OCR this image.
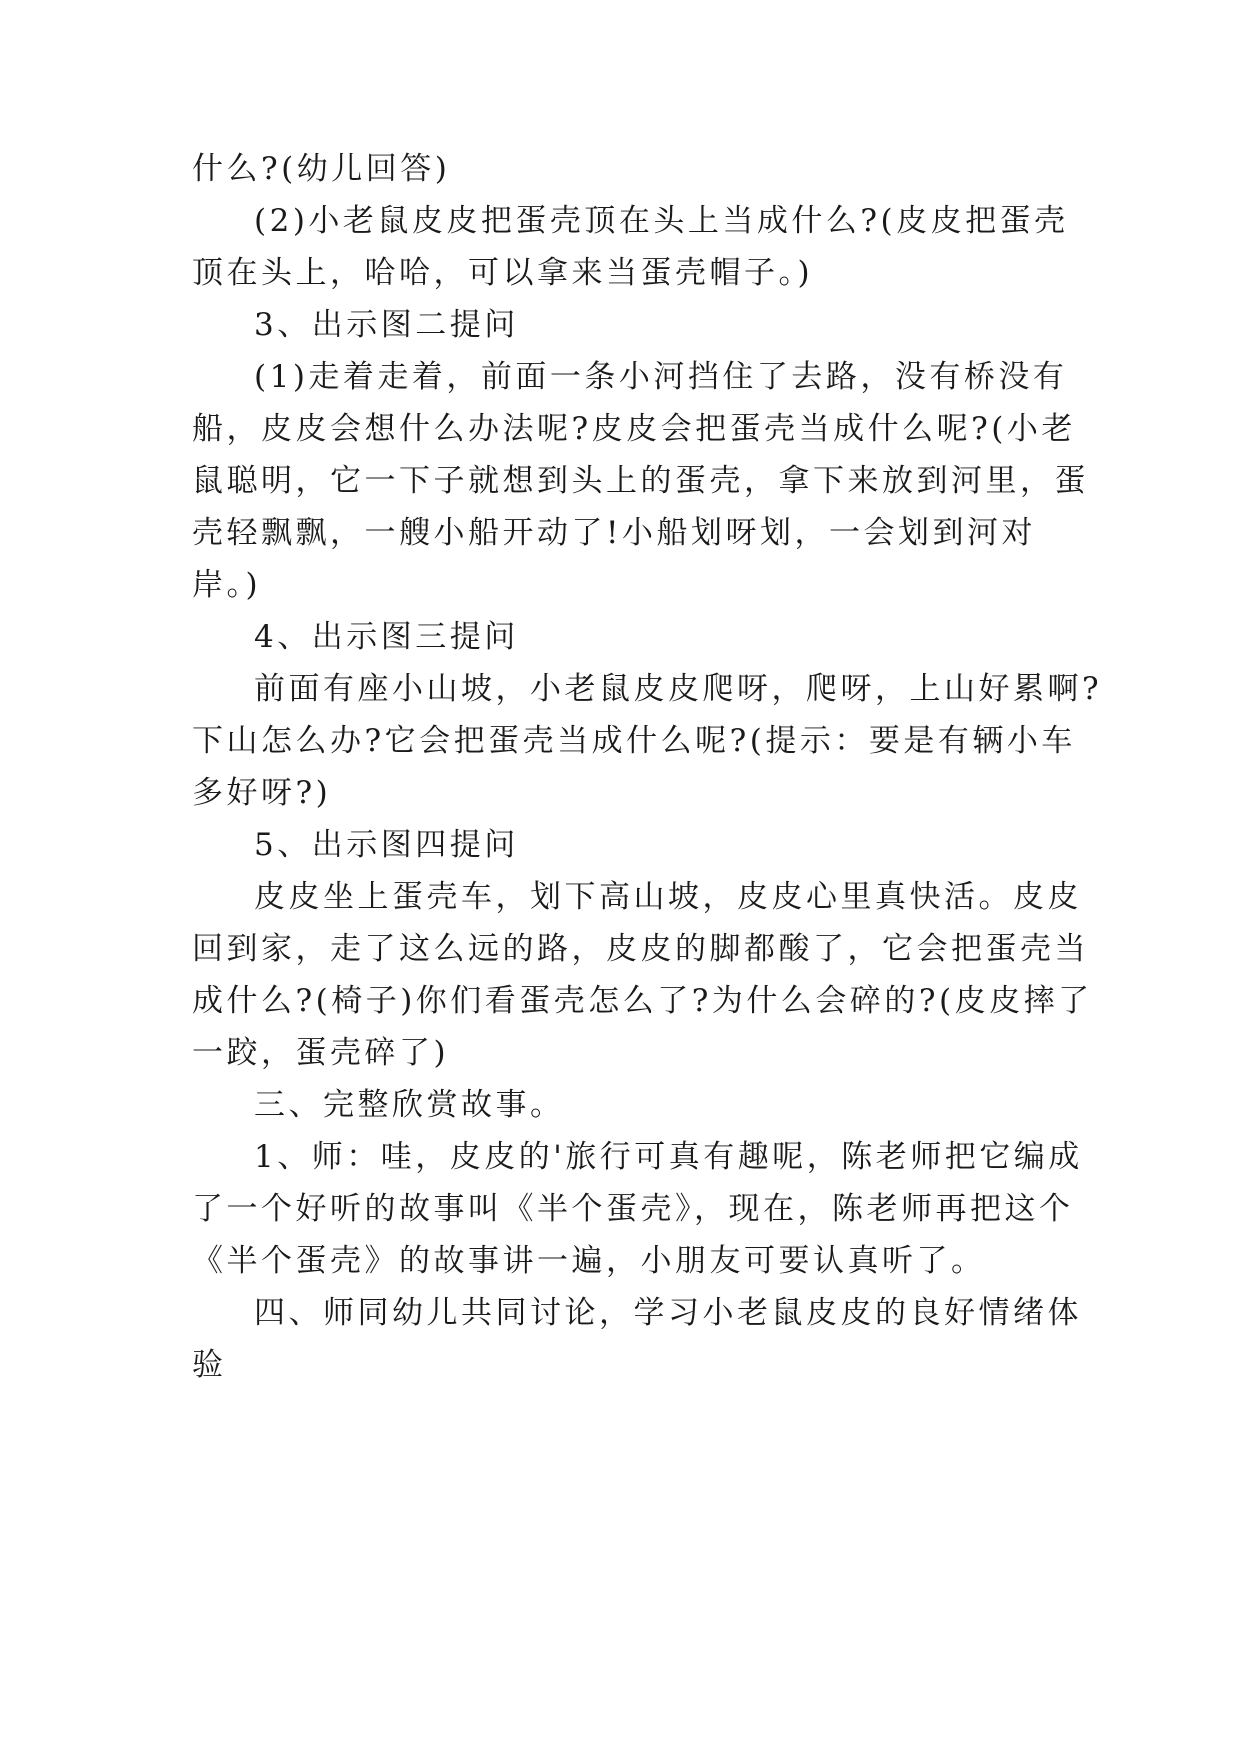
什么?(幼儿回答)
(2)小老鼠皮皮把蛋壳顶在头上当成什么?(皮皮把蛋壳
顶在头上，哈哈，可以拿来当蛋壳帽子。)
3、出示图二提问
(1)走着走着，前面一条小河挡住了去路，没有桥没有
船，皮皮会想什么办法呢?皮皮会把蛋壳当成什么呢?(小老
鼠聪明，它一下子就想到头上的蛋壳，拿下来放到河里，蛋
壳轻飘飘，一艘小船开动了!小船划呀划，一会划到河对
岸。)
4、出示图三提问
前面有座小山坡，小老鼠皮皮爬呀，爬呀，上山好累啊?
下山怎么办?它会把蛋壳当成什么呢?(提示：要是有辆小车
多好呀?)
5、出示图四提问
皮皮坐上蛋壳车，划下高山坡，皮皮心里真快活。皮皮
回到家，走了这么远的路，皮皮的脚都酸了，它会把蛋壳当
成什么?(椅子)你们看蛋壳怎么了?为什么会碎的?(皮皮摔了
一跤，蛋壳碎了)
三、完整欣赏故事。
1、师：哇，皮皮的'旅行可真有趣呢，陈老师把它编成
了一个好听的故事叫《半个蛋壳》，现在，陈老师再把这个
《半个蛋壳》的故事讲一遍，小朋友可要认真听了。
四、师同幼儿共同讨论，学习小老鼠皮皮的良好情绪体
验
